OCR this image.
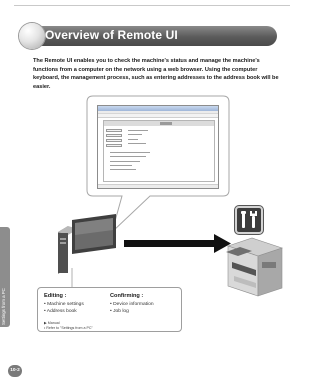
Overview of Remote UI
The Remote UI enables you to check the machine's status and manage the machine's functions from a computer on the network using a web browser. Using the computer keyboard, the management process, such as entering addresses to the address book will be easier.
Settings from a PC	Editing :
• Machine settings
• Address book
Confirming :
• Device information
• Job log
▶ Manual
• Refer to "Settings from a PC"
10-2
